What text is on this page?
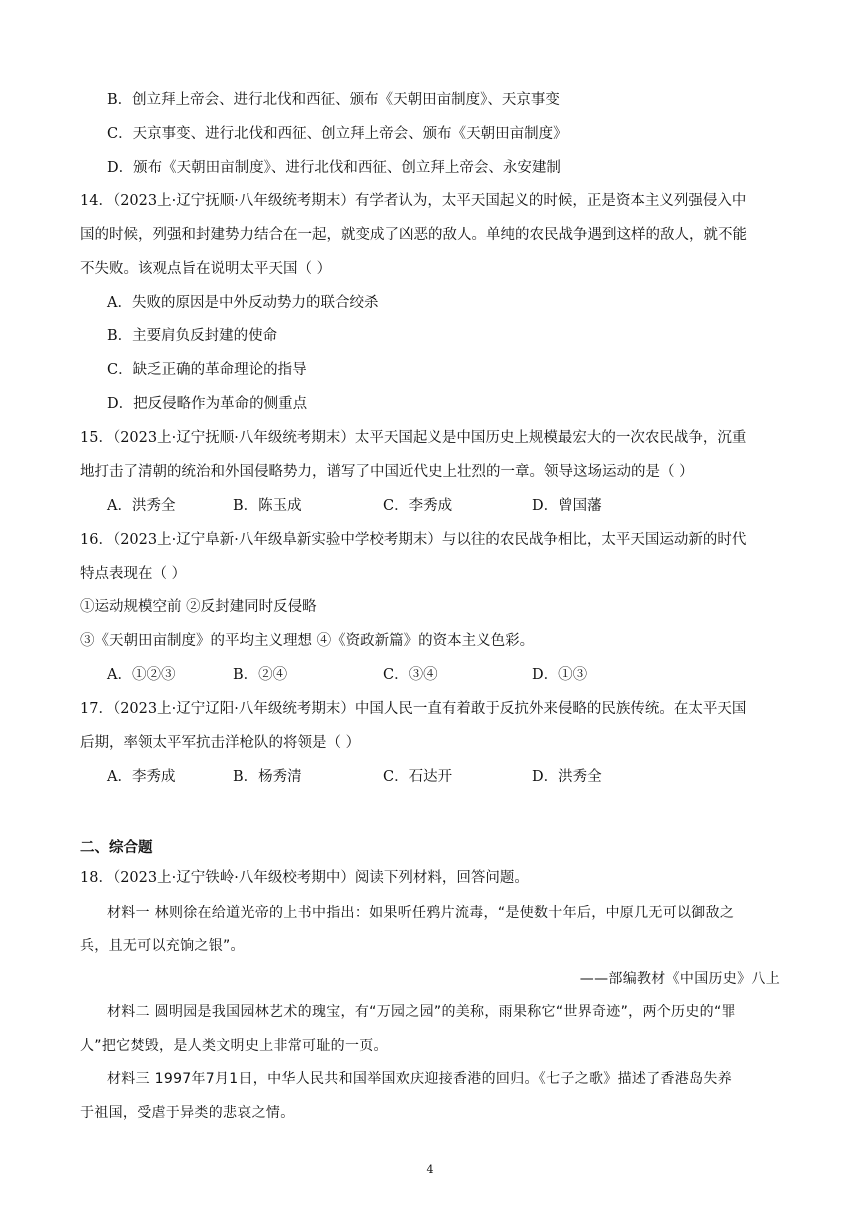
B．创立拜上帝会、进行北伐和西征、颁布《天朝田亩制度》、天京事变
C．天京事变、进行北伐和西征、创立拜上帝会、颁布《天朝田亩制度》
D．颁布《天朝田亩制度》、进行北伐和西征、创立拜上帝会、永安建制
14．（2023上·辽宁抚顺·八年级统考期末）有学者认为，太平天国起义的时候，正是资本主义列强侵入中
国的时候，列强和封建势力结合在一起，就变成了凶恶的敌人。单纯的农民战争遇到这样的敌人，就不能
不失败。该观点旨在说明太平天国（ ）
A．失败的原因是中外反动势力的联合绞杀
B．主要肩负反封建的使命
C．缺乏正确的革命理论的指导
D．把反侵略作为革命的侧重点
15．（2023上·辽宁抚顺·八年级统考期末）太平天国起义是中国历史上规模最宏大的一次农民战争，沉重
地打击了清朝的统治和外国侵略势力，谱写了中国近代史上壮烈的一章。领导这场运动的是（ ）
A．洪秀全	B．陈玉成	C．李秀成	D．曾国藩
16．（2023上·辽宁阜新·八年级阜新实验中学校考期末）与以往的农民战争相比，太平天国运动新的时代
特点表现在（ ）
①运动规模空前 ②反封建同时反侵略
③《天朝田亩制度》的平均主义理想 ④《资政新篇》的资本主义色彩。
A．①②③	B．②④	C．③④	D．①③
17．（2023上·辽宁辽阳·八年级统考期末）中国人民一直有着敢于反抗外来侵略的民族传统。在太平天国
后期，率领太平军抗击洋枪队的将领是（ ）
A．李秀成	B．杨秀清	C．石达开	D．洪秀全
二、综合题
18．（2023上·辽宁铁岭·八年级校考期中）阅读下列材料，回答问题。
材料一 林则徐在给道光帝的上书中指出：如果听任鸦片流毒，“是使数十年后，中原几无可以御敌之
兵，且无可以充饷之银”。
——部编教材《中国历史》八上
材料二 圆明园是我国园林艺术的瑰宝，有“万园之园”的美称，雨果称它“世界奇迹”，两个历史的“罪
人”把它焚毁，是人类文明史上非常可耻的一页。
材料三 1997年7月1日，中华人民共和国举国欢庆迎接香港的回归。《七子之歌》描述了香港岛失养
于祖国，受虐于异类的悲哀之情。
4
